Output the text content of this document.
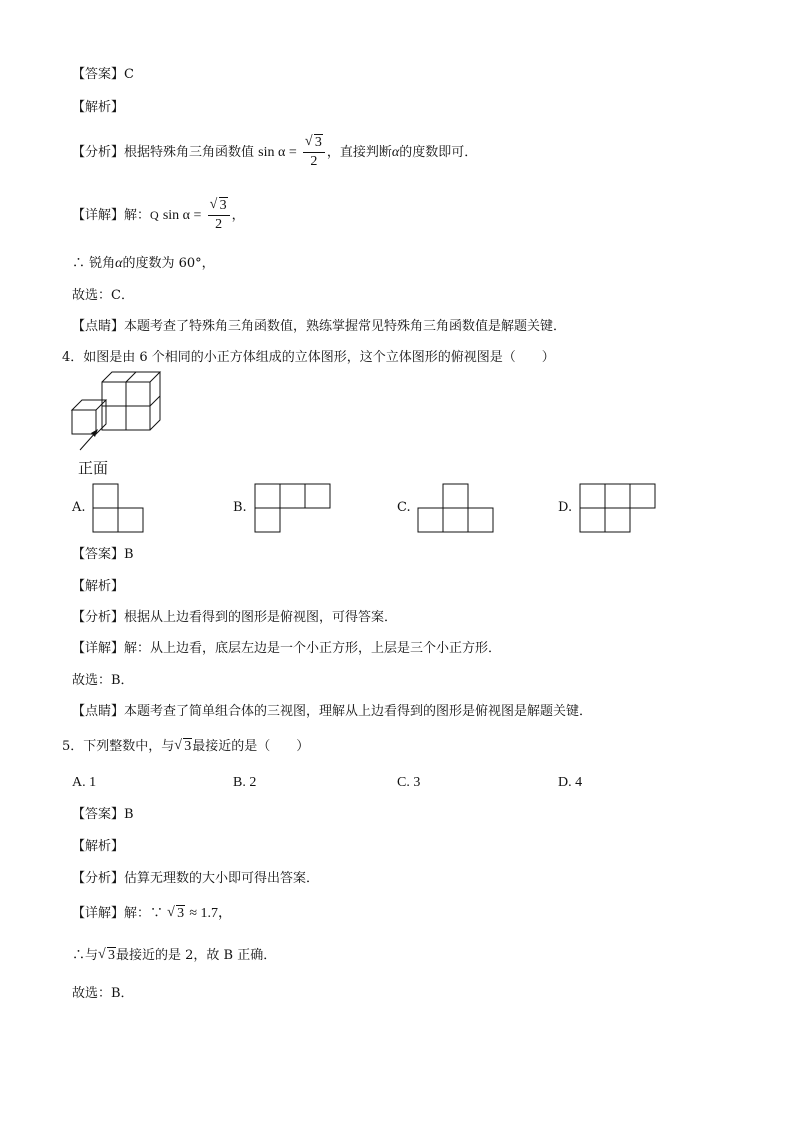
【答案】C
【解析】
【分析】根据特殊角三角函数值 $\sin \alpha = \frac{√ 3}{2}$ ，直接判断α的度数即可．
【详解】解：Q $\sin \alpha = \frac{√ 3}{2}$ ，
∴ 锐角α的度数为 60°，
故选：C．
【点睛】本题考查了特殊角三角函数值，熟练掌握常见特殊角三角函数值是解题关键．
4．如图是由 6 个相同的小正方体组成的立体图形，这个立体图形的俯视图是（　　）
正面
A.	B.	C.	D.
【答案】B
【解析】
【分析】根据从上边看得到的图形是俯视图，可得答案．
【详解】解：从上边看，底层左边是一个小正方形，上层是三个小正方形．
故选：B．
【点睛】本题考查了简单组合体的三视图，理解从上边看得到的图形是俯视图是解题关键．
5．下列整数中，与 √ 3最接近的是（　　）
A. 1	B. 2	C. 3	D. 4
【答案】B
【解析】
【分析】估算无理数的大小即可得出答案．
【详解】解：∵ √ 3 ≈ 1.7，
∴与 √ 3最接近的是 2，故 B 正确．
故选：B．
